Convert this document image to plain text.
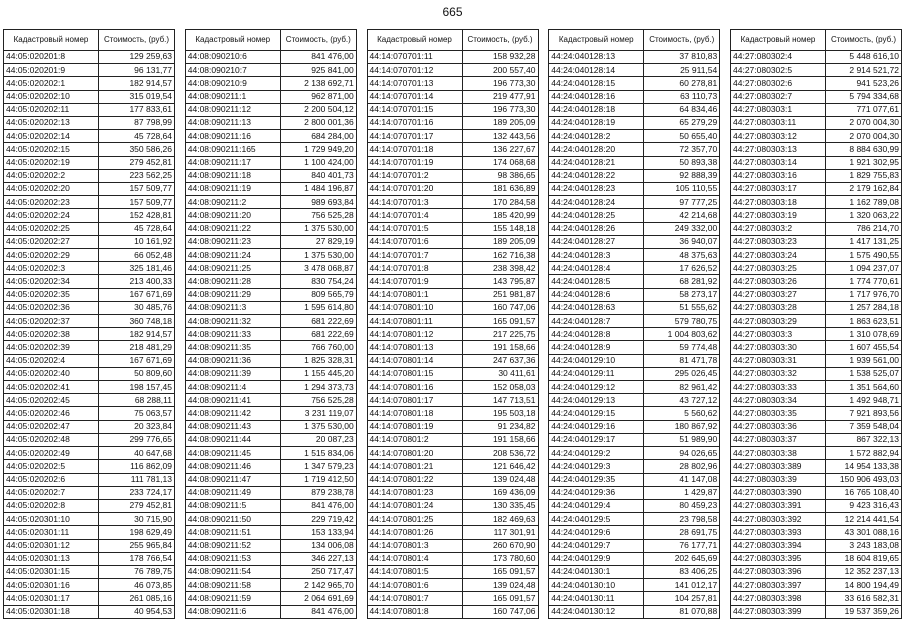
665
Кадастровый номер	Стоимость, (руб.)
44:05:020201:8	129 259,63
44:05:020201:9	96 131,77
44:05:020202:1	182 914,57
44:05:020202:10	315 019,54
44:05:020202:11	177 833,61
44:05:020202:13	87 798,99
44:05:020202:14	45 728,64
44:05:020202:15	350 586,26
44:05:020202:19	279 452,81
44:05:020202:2	223 562,25
44:05:020202:20	157 509,77
44:05:020202:23	157 509,77
44:05:020202:24	152 428,81
44:05:020202:25	45 728,64
44:05:020202:27	10 161,92
44:05:020202:29	66 052,48
44:05:020202:3	325 181,46
44:05:020202:34	213 400,33
44:05:020202:35	167 671,69
44:05:020202:36	30 485,76
44:05:020202:37	360 748,18
44:05:020202:38	182 914,57
44:05:020202:39	218 481,29
44:05:020202:4	167 671,69
44:05:020202:40	50 809,60
44:05:020202:41	198 157,45
44:05:020202:45	68 288,11
44:05:020202:46	75 063,57
44:05:020202:47	20 323,84
44:05:020202:48	299 776,65
44:05:020202:49	40 647,68
44:05:020202:5	116 862,09
44:05:020202:6	111 781,13
44:05:020202:7	233 724,17
44:05:020202:8	279 452,81
44:05:020301:10	30 715,90
44:05:020301:11	198 629,49
44:05:020301:12	255 965,84
44:05:020301:13	178 766,54
44:05:020301:15	76 789,75
44:05:020301:16	46 073,85
44:05:020301:17	261 085,16
44:05:020301:18	40 954,53
Кадастровый номер	Стоимость, (руб.)
44:08:090210:6	841 476,00
44:08:090210:7	925 841,00
44:08:090210:9	2 138 692,71
44:08:090211:1	962 871,00
44:08:090211:12	2 200 504,12
44:08:090211:13	2 800 001,36
44:08:090211:16	684 284,00
44:08:090211:165	1 729 949,20
44:08:090211:17	1 100 424,00
44:08:090211:18	840 401,73
44:08:090211:19	1 484 196,87
44:08:090211:2	989 693,84
44:08:090211:20	756 525,28
44:08:090211:22	1 375 530,00
44:08:090211:23	27 829,19
44:08:090211:24	1 375 530,00
44:08:090211:25	3 478 068,87
44:08:090211:28	830 754,24
44:08:090211:29	809 565,79
44:08:090211:3	1 595 614,80
44:08:090211:32	681 222,69
44:08:090211:33	681 222,69
44:08:090211:35	766 760,00
44:08:090211:36	1 825 328,31
44:08:090211:39	1 155 445,20
44:08:090211:4	1 294 373,73
44:08:090211:41	756 525,28
44:08:090211:42	3 231 119,07
44:08:090211:43	1 375 530,00
44:08:090211:44	20 087,23
44:08:090211:45	1 515 834,06
44:08:090211:46	1 347 579,23
44:08:090211:47	1 719 412,50
44:08:090211:49	879 238,78
44:08:090211:5	841 476,00
44:08:090211:50	229 719,42
44:08:090211:51	153 133,94
44:08:090211:52	134 006,08
44:08:090211:53	346 227,13
44:08:090211:54	250 717,47
44:08:090211:58	2 142 965,70
44:08:090211:59	2 064 691,69
44:08:090211:6	841 476,00
Кадастровый номер	Стоимость, (руб.)
44:14:070701:11	158 932,28
44:14:070701:12	200 557,40
44:14:070701:13	196 773,30
44:14:070701:14	219 477,91
44:14:070701:15	196 773,30
44:14:070701:16	189 205,09
44:14:070701:17	132 443,56
44:14:070701:18	136 227,67
44:14:070701:19	174 068,68
44:14:070701:2	98 386,65
44:14:070701:20	181 636,89
44:14:070701:3	170 284,58
44:14:070701:4	185 420,99
44:14:070701:5	155 148,18
44:14:070701:6	189 205,09
44:14:070701:7	162 716,38
44:14:070701:8	238 398,42
44:14:070701:9	143 795,87
44:14:070801:1	251 981,87
44:14:070801:10	160 747,06
44:14:070801:11	165 091,57
44:14:070801:12	217 225,75
44:14:070801:13	191 158,66
44:14:070801:14	247 637,36
44:14:070801:15	30 411,61
44:14:070801:16	152 058,03
44:14:070801:17	147 713,51
44:14:070801:18	195 503,18
44:14:070801:19	91 234,82
44:14:070801:2	191 158,66
44:14:070801:20	208 536,72
44:14:070801:21	121 646,42
44:14:070801:22	139 024,48
44:14:070801:23	169 436,09
44:14:070801:24	130 335,45
44:14:070801:25	182 469,63
44:14:070801:26	117 301,91
44:14:070801:3	260 670,90
44:14:070801:4	173 780,60
44:14:070801:5	165 091,57
44:14:070801:6	139 024,48
44:14:070801:7	165 091,57
44:14:070801:8	160 747,06
Кадастровый номер	Стоимость, (руб.)
44:24:040128:13	37 810,83
44:24:040128:14	25 911,54
44:24:040128:15	60 278,81
44:24:040128:16	63 110,73
44:24:040128:18	64 834,46
44:24:040128:19	65 279,29
44:24:040128:2	50 655,40
44:24:040128:20	72 357,70
44:24:040128:21	50 893,38
44:24:040128:22	92 888,39
44:24:040128:23	105 110,55
44:24:040128:24	97 777,25
44:24:040128:25	42 214,68
44:24:040128:26	249 332,00
44:24:040128:27	36 940,07
44:24:040128:3	48 375,63
44:24:040128:4	17 626,52
44:24:040128:5	68 281,92
44:24:040128:6	58 273,17
44:24:040128:63	51 555,62
44:24:040128:7	579 780,75
44:24:040128:8	1 004 803,62
44:24:040128:9	59 774,48
44:24:040129:10	81 471,78
44:24:040129:11	295 026,45
44:24:040129:12	82 961,42
44:24:040129:13	43 727,12
44:24:040129:15	5 560,62
44:24:040129:16	180 867,92
44:24:040129:17	51 989,90
44:24:040129:2	94 026,65
44:24:040129:3	28 802,96
44:24:040129:35	41 147,08
44:24:040129:36	1 429,87
44:24:040129:4	80 459,23
44:24:040129:5	23 798,58
44:24:040129:6	28 691,75
44:24:040129:7	76 177,71
44:24:040129:9	202 645,69
44:24:040130:1	83 406,25
44:24:040130:10	141 012,17
44:24:040130:11	104 257,81
44:24:040130:12	81 070,88
Кадастровый номер	Стоимость, (руб.)
44:27:080302:4	5 448 616,10
44:27:080302:5	2 914 521,72
44:27:080302:6	941 523,26
44:27:080302:7	5 794 334,68
44:27:080303:1	771 077,61
44:27:080303:11	2 070 004,30
44:27:080303:12	2 070 004,30
44:27:080303:13	8 884 630,99
44:27:080303:14	1 921 302,95
44:27:080303:16	1 829 755,83
44:27:080303:17	2 179 162,84
44:27:080303:18	1 162 789,08
44:27:080303:19	1 320 063,22
44:27:080303:2	786 214,70
44:27:080303:23	1 417 131,25
44:27:080303:24	1 575 490,55
44:27:080303:25	1 094 237,07
44:27:080303:26	1 774 770,61
44:27:080303:27	1 717 976,70
44:27:080303:28	1 257 284,18
44:27:080303:29	1 863 623,51
44:27:080303:3	1 310 078,69
44:27:080303:30	1 607 455,54
44:27:080303:31	1 939 561,00
44:27:080303:32	1 538 525,07
44:27:080303:33	1 351 564,60
44:27:080303:34	1 492 948,71
44:27:080303:35	7 921 893,56
44:27:080303:36	7 359 548,04
44:27:080303:37	867 322,13
44:27:080303:38	1 572 882,94
44:27:080303:389	14 954 133,38
44:27:080303:39	150 906 493,03
44:27:080303:390	16 765 108,40
44:27:080303:391	9 423 316,43
44:27:080303:392	12 214 441,54
44:27:080303:393	43 301 088,16
44:27:080303:394	3 243 183,08
44:27:080303:395	18 604 819,65
44:27:080303:396	12 352 237,13
44:27:080303:397	14 800 194,49
44:27:080303:398	33 616 582,31
44:27:080303:399	19 537 359,26
